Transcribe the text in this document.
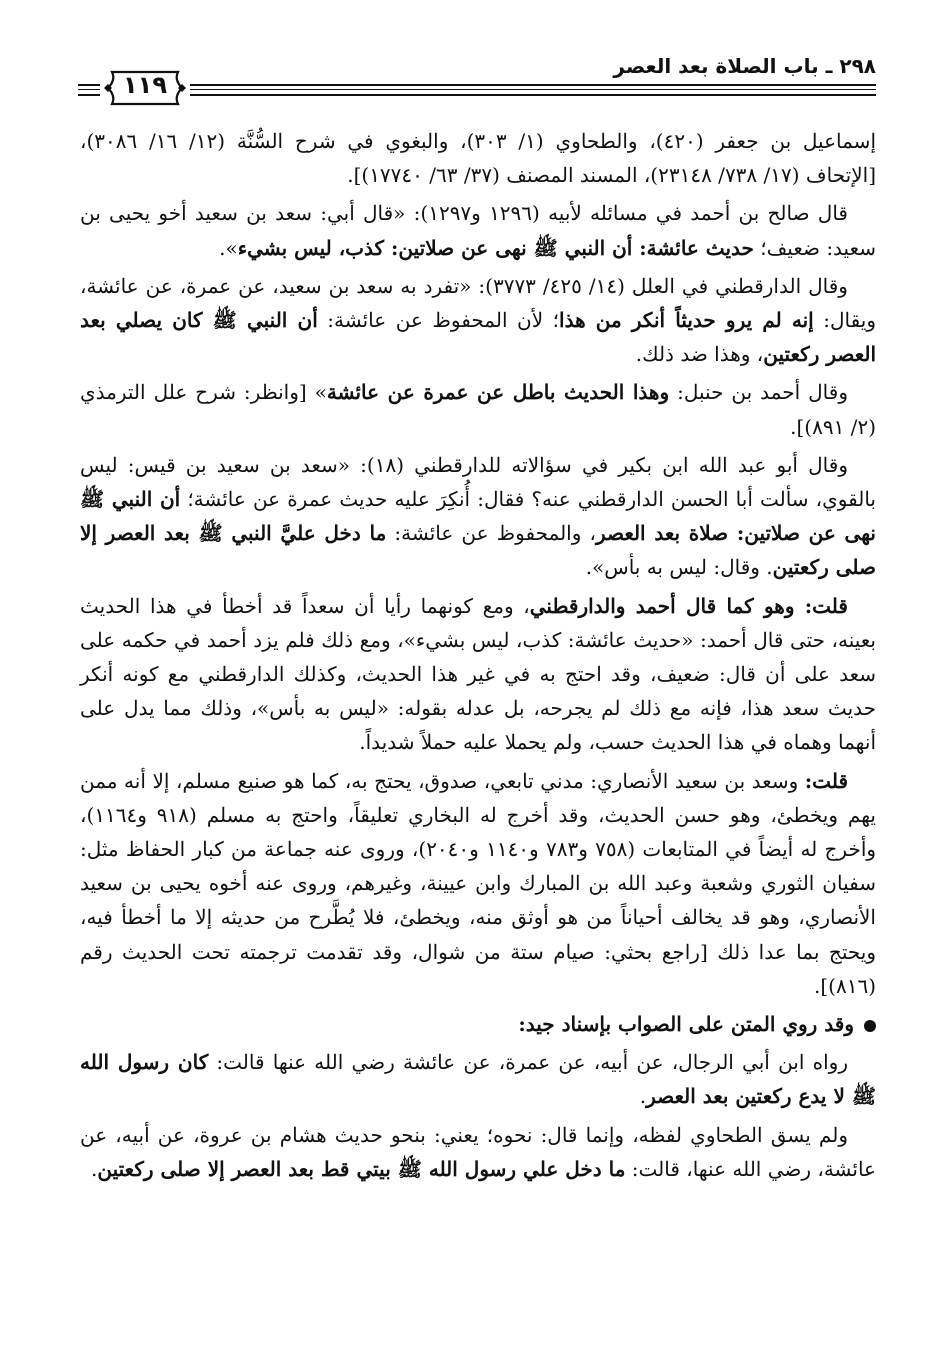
٢٩٨ ـ باب الصلاة بعد العصر
١١٩

إسماعيل بن جعفر (٤٢٠)، والطحاوي (١/ ٣٠٣)، والبغوي في شرح السُّنَّة (١٢/ ١٦/ ٣٠٨٦)، [الإتحاف (١٧/ ٧٣٨/ ٢٣١٤٨)، المسند المصنف (٣٧/ ٦٣/ ١٧٧٤٠)].

قال صالح بن أحمد في مسائله لأبيه (١٢٩٦ و١٢٩٧): «قال أبي: سعد بن سعيد أخو يحيى بن سعيد: ضعيف؛ حديث عائشة: أن النبي ﷺ نهى عن صلاتين: كذب، ليس بشيء».

وقال الدارقطني في العلل (١٤/ ٤٢٥/ ٣٧٧٣): «تفرد به سعد بن سعيد، عن عمرة، عن عائشة، ويقال: إنه لم يرو حديثاً أنكر من هذا؛ لأن المحفوظ عن عائشة: أن النبي ﷺ كان يصلي بعد العصر ركعتين، وهذا ضد ذلك.

وقال أحمد بن حنبل: وهذا الحديث باطل عن عمرة عن عائشة» [وانظر: شرح علل الترمذي (٢/ ٨٩١)].

وقال أبو عبد الله ابن بكير في سؤالاته للدارقطني (١٨): «سعد بن سعيد بن قيس: ليس بالقوي، سألت أبا الحسن الدارقطني عنه؟ فقال: أُنكِرَ عليه حديث عمرة عن عائشة؛ أن النبي ﷺ نهى عن صلاتين: صلاة بعد العصر، والمحفوظ عن عائشة: ما دخل عليَّ النبي ﷺ بعد العصر إلا صلى ركعتين. وقال: ليس به بأس».

قلت: وهو كما قال أحمد والدارقطني، ومع كونهما رأيا أن سعداً قد أخطأ في هذا الحديث بعينه، حتى قال أحمد: «حديث عائشة: كذب، ليس بشيء»، ومع ذلك فلم يزد أحمد في حكمه على سعد على أن قال: ضعيف، وقد احتج به في غير هذا الحديث، وكذلك الدارقطني مع كونه أنكر حديث سعد هذا، فإنه مع ذلك لم يجرحه، بل عدله بقوله: «ليس به بأس»، وذلك مما يدل على أنهما وهماه في هذا الحديث حسب، ولم يحملا عليه حملاً شديداً.

قلت: وسعد بن سعيد الأنصاري: مدني تابعي، صدوق، يحتج به، كما هو صنيع مسلم، إلا أنه ممن يهم ويخطئ، وهو حسن الحديث، وقد أخرج له البخاري تعليقاً، واحتج به مسلم (٩١٨ و١١٦٤)، وأخرج له أيضاً في المتابعات (٧٥٨ و٧٨٣ و١١٤٠ و٢٠٤٠)، وروى عنه جماعة من كبار الحفاظ مثل: سفيان الثوري وشعبة وعبد الله بن المبارك وابن عيينة، وغيرهم، وروى عنه أخوه يحيى بن سعيد الأنصاري، وهو قد يخالف أحياناً من هو أوثق منه، ويخطئ، فلا يُطَّرح من حديثه إلا ما أخطأ فيه، ويحتج بما عدا ذلك [راجع بحثي: صيام ستة من شوال، وقد تقدمت ترجمته تحت الحديث رقم (٨١٦)].

وقد روي المتن على الصواب بإسناد جيد:

رواه ابن أبي الرجال، عن أبيه، عن عمرة، عن عائشة رضي الله عنها قالت: كان رسول الله ﷺ لا يدع ركعتين بعد العصر.

ولم يسق الطحاوي لفظه، وإنما قال: نحوه؛ يعني: بنحو حديث هشام بن عروة، عن أبيه، عن عائشة، رضي الله عنها، قالت: ما دخل علي رسول الله ﷺ بيتي قط بعد العصر إلا صلى ركعتين.
